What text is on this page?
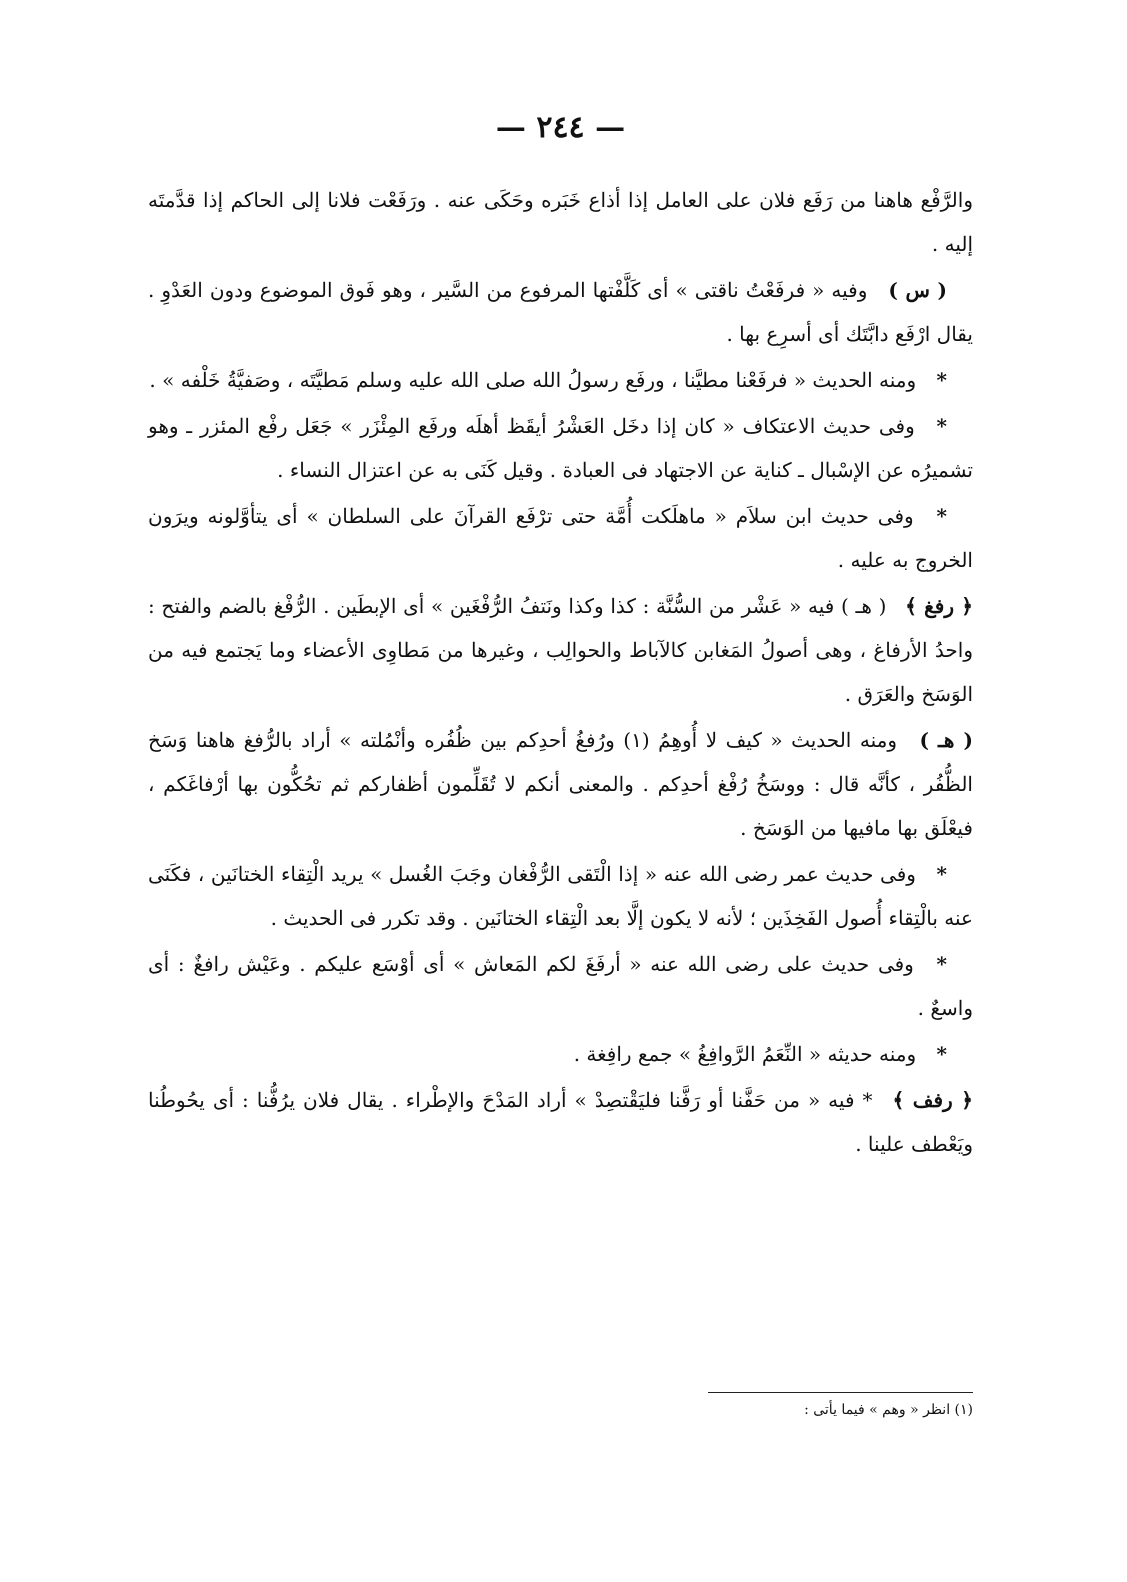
— ٢٤٤ —

والرَّفْع هاهنا من رَفَع فلان على العامل إذا أذاع خَبَره وحَكَى عنه . ورَفَعْت فلانا إلى الحاكم إذا قدَّمتَه إليه .

( س ) وفيه « فرفَعْتُ ناقتى » أى كَلَّفْتها المرفوع من السَّير ، وهو فَوق الموضوع ودون العَدْوِ . يقال ارْفَع دابَّتَك أى أسرِع بها .

* ومنه الحديث « فرفَعْنا مطيَّنا ، ورفَع رسولُ الله صلى الله عليه وسلم مَطيَّتَه ، وصَفيَّةُ خَلْفه » .

* وفى حديث الاعتكاف « كان إذا دخَل العَشْرُ أيقَظ أهلَه ورفَع المِئْزَر » جَعَل رفْع المئزر ـ وهو تشميرُه عن الإسْبال ـ كناية عن الاجتهاد فى العبادة . وقيل كَنَى به عن اعتزال النساء .

* وفى حديث ابن سلاَم « ماهلَكت أُمَّة حتى ترْفَع القرآنَ على السلطان » أى يتأوَّلونه ويرَون الخروج به عليه .

﴿ رفغ ﴾ ( هـ ) فيه « عَشْر من السُّنَّة : كذا وكذا ونَتفُ الرُّفْغَين » أى الإبطَين . الرُّفْغ بالضم والفتح : واحدُ الأرفاغ ، وهى أصولُ المَغابن كالآباط والحوالِب ، وغيرها من مَطاوِى الأعضاء وما يَجتمع فيه من الوَسَخ والعَرَق .

( هـ ) ومنه الحديث « كيف لا أُوهِمُ (١) ورُفغُ أحدِكم بين ظُفُره وأنْمُلته » أراد بالرُّفغ هاهنا وَسَخ الظُّفُر ، كأنَّه قال : ووسَخُ رُفْغ أحدِكم . والمعنى أنكم لا تُقَلِّمون أظفاركم ثم تحُكُّون بها أرْفاغَكم ، فيعْلَق بها مافيها من الوَسَخ .

* وفى حديث عمر رضى الله عنه « إذا الْتَقى الرُّفْغان وجَبَ الغُسل » يريد الْتِقاء الختانَين ، فكَنَى عنه بالْتِقاء أُصول الفَخِذَين ؛ لأنه لا يكون إلَّا بعد الْتِقاء الختانَين . وقد تكرر فى الحديث .

* وفى حديث على رضى الله عنه « أرفَغَ لكم المَعاش » أى أوْسَع عليكم . وعَيْش رافغٌ : أى واسعٌ .

* ومنه حديثه « النِّعَمُ الرَّوافِغُ » جمع رافِغة .

﴿ رفف ﴾ * فيه « من حَفَّنا أو رَفَّنا فليَقْتصِدْ » أراد المَدْحَ والإطْراء . يقال فلان يرُفُّنا : أى يحُوطُنا ويَعْطف علينا .

(١) انظر « وهم » فيما يأتى :
